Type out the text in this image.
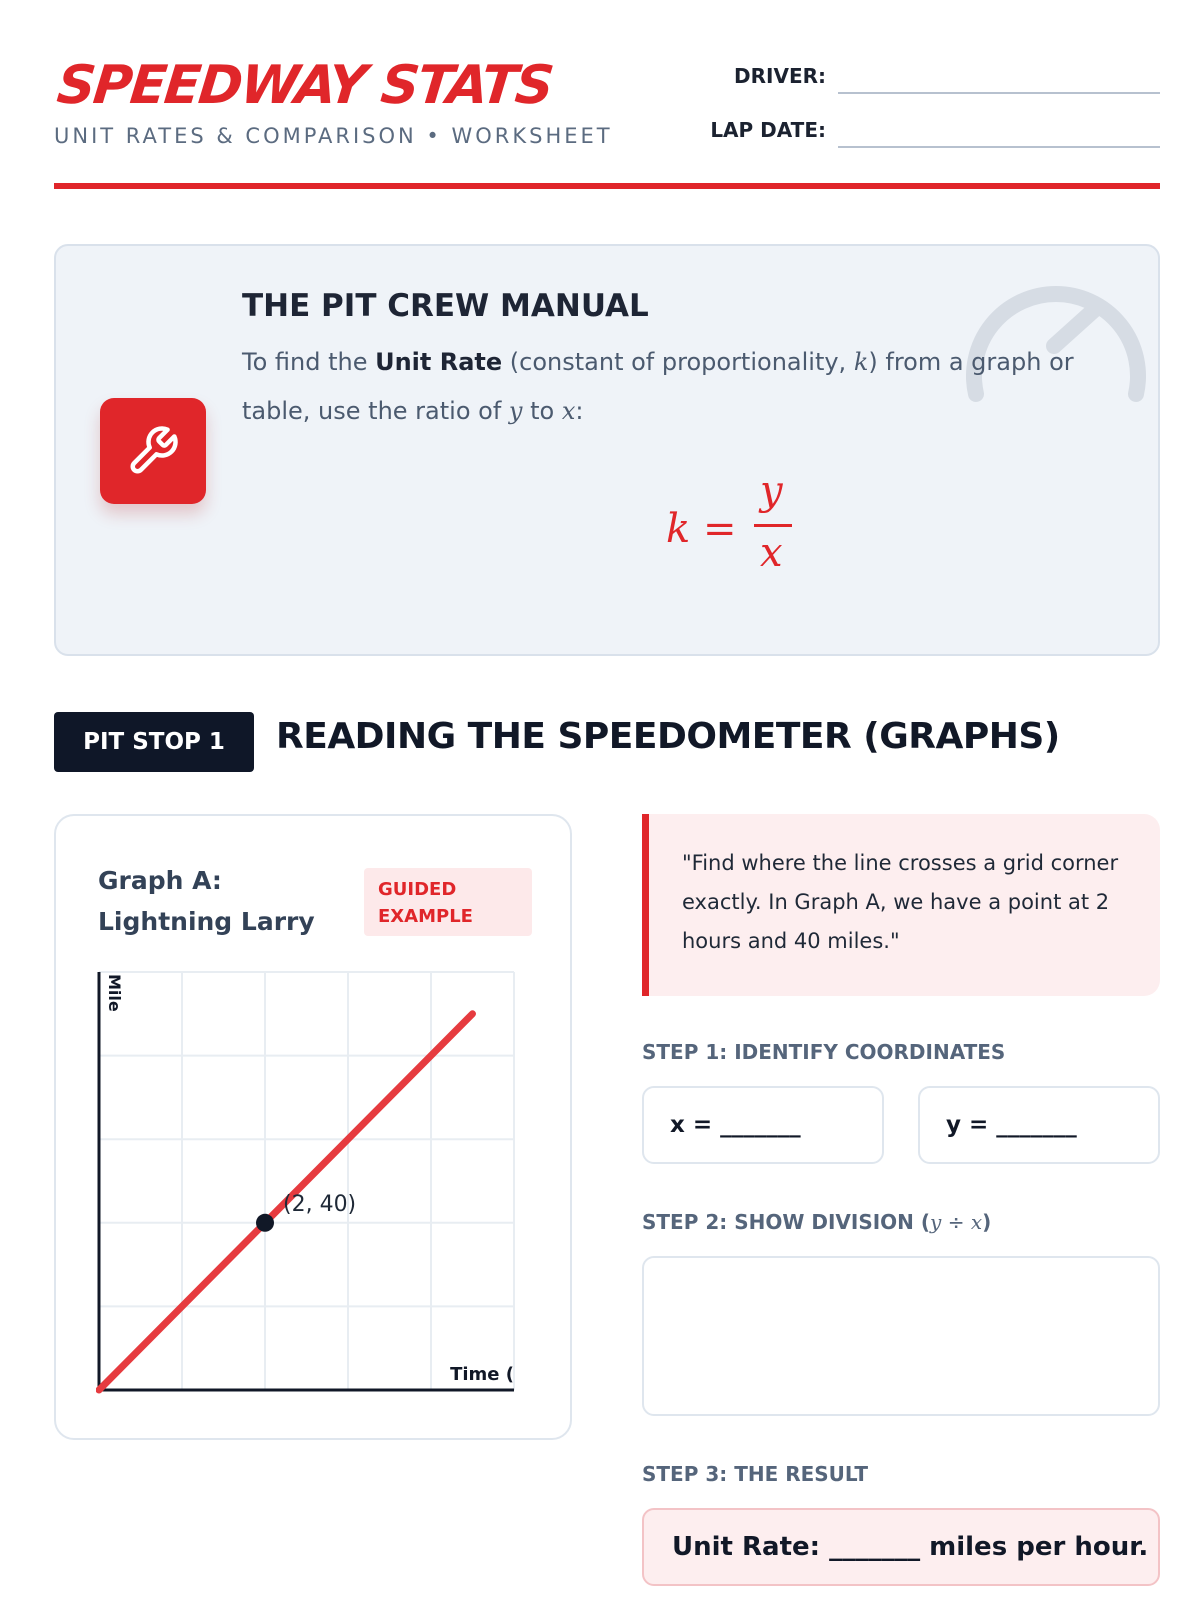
SPEEDWAY STATS
UNIT RATES & COMPARISON • WORKSHEET
DRIVER:
LAP DATE:
THE PIT CREW MANUAL
To find the Unit Rate (constant of proportionality, k) from a graph or table, use the ratio of y to x:
k =
y
x
PIT STOP 1	READING THE SPEEDOMETER (GRAPHS)
Graph A: Lightning Larry
GUIDED EXAMPLE
Time (
Mile
(2, 40)
"Find where the line crosses a grid corner exactly. In Graph A, we have a point at 2 hours and 40 miles."
STEP 1: IDENTIFY COORDINATES
x = _______	y = _______
STEP 2: SHOW DIVISION (y ÷ x)
STEP 3: THE RESULT
Unit Rate: _______ miles per hour.
